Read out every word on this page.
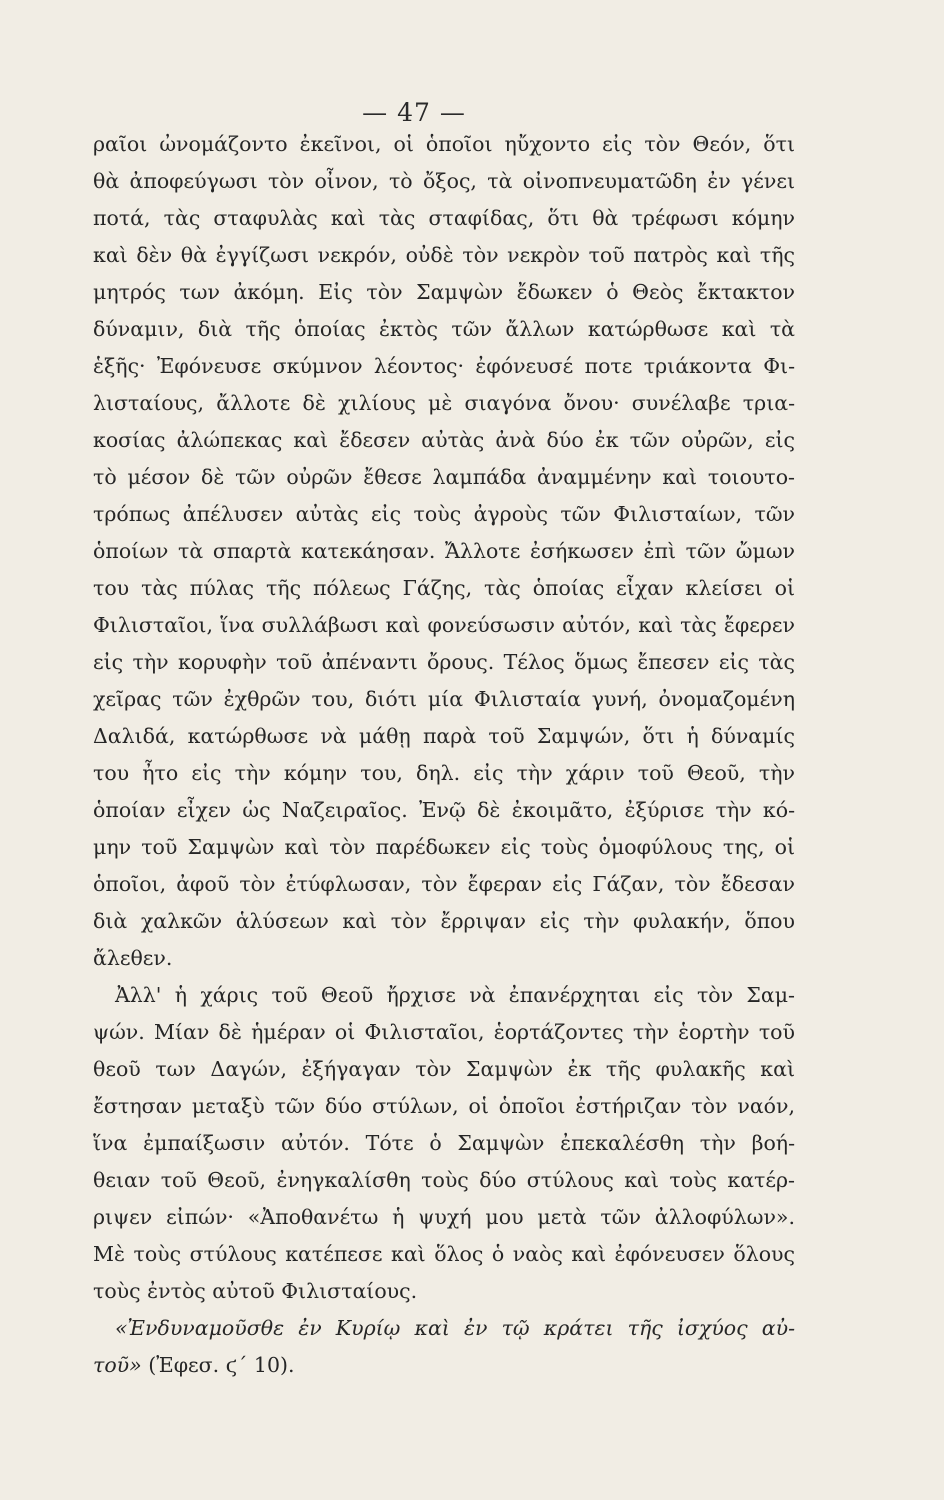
— 47 —
ραῖοι ὠνομάζοντο ἐκεῖνοι, οἱ ὁποῖοι ηὔχοντο εἰς τὸν Θεόν, ὅτι
θὰ ἀποφεύγωσι τὸν οἶνον, τὸ ὄξος, τὰ οἰνοπνευματῶδη ἐν γένει
ποτά, τὰς σταφυλὰς καὶ τὰς σταφίδας, ὅτι θὰ τρέφωσι κόμην
καὶ δὲν θὰ ἐγγίζωσι νεκρόν, οὐδὲ τὸν νεκρὸν τοῦ πατρὸς καὶ τῆς
μητρός των ἀκόμη. Εἰς τὸν Σαμψὼν ἔδωκεν ὁ Θεὸς ἔκτακτον
δύναμιν, διὰ τῆς ὁποίας ἐκτὸς τῶν ἄλλων κατώρθωσε καὶ τὰ
ἑξῆς· Ἐφόνευσε σκύμνον λέοντος· ἐφόνευσέ ποτε τριάκοντα Φι-
λισταίους, ἄλλοτε δὲ χιλίους μὲ σιαγόνα ὄνου· συνέλαβε τρια-
κοσίας ἀλώπεκας καὶ ἔδεσεν αὐτὰς ἀνὰ δύο ἐκ τῶν οὐρῶν, εἰς
τὸ μέσον δὲ τῶν οὐρῶν ἔθεσε λαμπάδα ἀναμμένην καὶ τοιουτο-
τρόπως ἀπέλυσεν αὐτὰς εἰς τοὺς ἀγροὺς τῶν Φιλισταίων, τῶν
ὁποίων τὰ σπαρτὰ κατεκάησαν. Ἄλλοτε ἐσήκωσεν ἐπὶ τῶν ὤμων
του τὰς πύλας τῆς πόλεως Γάζης, τὰς ὁποίας εἶχαν κλείσει οἱ
Φιλισταῖοι, ἵνα συλλάβωσι καὶ φονεύσωσιν αὐτόν, καὶ τὰς ἔφερεν
εἰς τὴν κορυφὴν τοῦ ἀπέναντι ὄρους. Τέλος ὅμως ἔπεσεν εἰς τὰς
χεῖρας τῶν ἐχθρῶν του, διότι μία Φιλισταία γυνή, ὀνομαζομένη
Δαλιδά, κατώρθωσε νὰ μάθῃ παρὰ τοῦ Σαμψών, ὅτι ἡ δύναμίς
του ἦτο εἰς τὴν κόμην του, δηλ. εἰς τὴν χάριν τοῦ Θεοῦ, τὴν
ὁποίαν εἶχεν ὡς Ναζειραῖος. Ἐνῷ δὲ ἐκοιμᾶτο, ἐξύρισε τὴν κό-
μην τοῦ Σαμψὼν καὶ τὸν παρέδωκεν εἰς τοὺς ὁμοφύλους της, οἱ
ὁποῖοι, ἀφοῦ τὸν ἐτύφλωσαν, τὸν ἔφεραν εἰς Γάζαν, τὸν ἔδεσαν
διὰ χαλκῶν ἁλύσεων καὶ τὸν ἔρριψαν εἰς τὴν φυλακήν, ὅπου
ἄλεθεν.
Ἀλλ' ἡ χάρις τοῦ Θεοῦ ἤρχισε νὰ ἐπανέρχηται εἰς τὸν Σαμ-
ψών. Μίαν δὲ ἡμέραν οἱ Φιλισταῖοι, ἑορτάζοντες τὴν ἑορτὴν τοῦ
θεοῦ των Δαγών, ἐξήγαγαν τὸν Σαμψὼν ἐκ τῆς φυλακῆς καὶ
ἔστησαν μεταξὺ τῶν δύο στύλων, οἱ ὁποῖοι ἐστήριζαν τὸν ναόν,
ἵνα ἐμπαίξωσιν αὐτόν. Τότε ὁ Σαμψὼν ἐπεκαλέσθη τὴν βοή-
θειαν τοῦ Θεοῦ, ἐνηγκαλίσθη τοὺς δύο στύλους καὶ τοὺς κατέρ-
ριψεν εἰπών· «Ἀποθανέτω ἡ ψυχή μου μετὰ τῶν ἀλλοφύλων».
Μὲ τοὺς στύλους κατέπεσε καὶ ὅλος ὁ ναὸς καὶ ἐφόνευσεν ὅλους
τοὺς ἐντὸς αὐτοῦ Φιλισταίους.
«Ἐνδυναμοῦσθε ἐν Κυρίῳ καὶ ἐν τῷ κράτει τῆς ἰσχύος αὐ-
τοῦ» (Ἐφεσ. ϛ΄ 10).
